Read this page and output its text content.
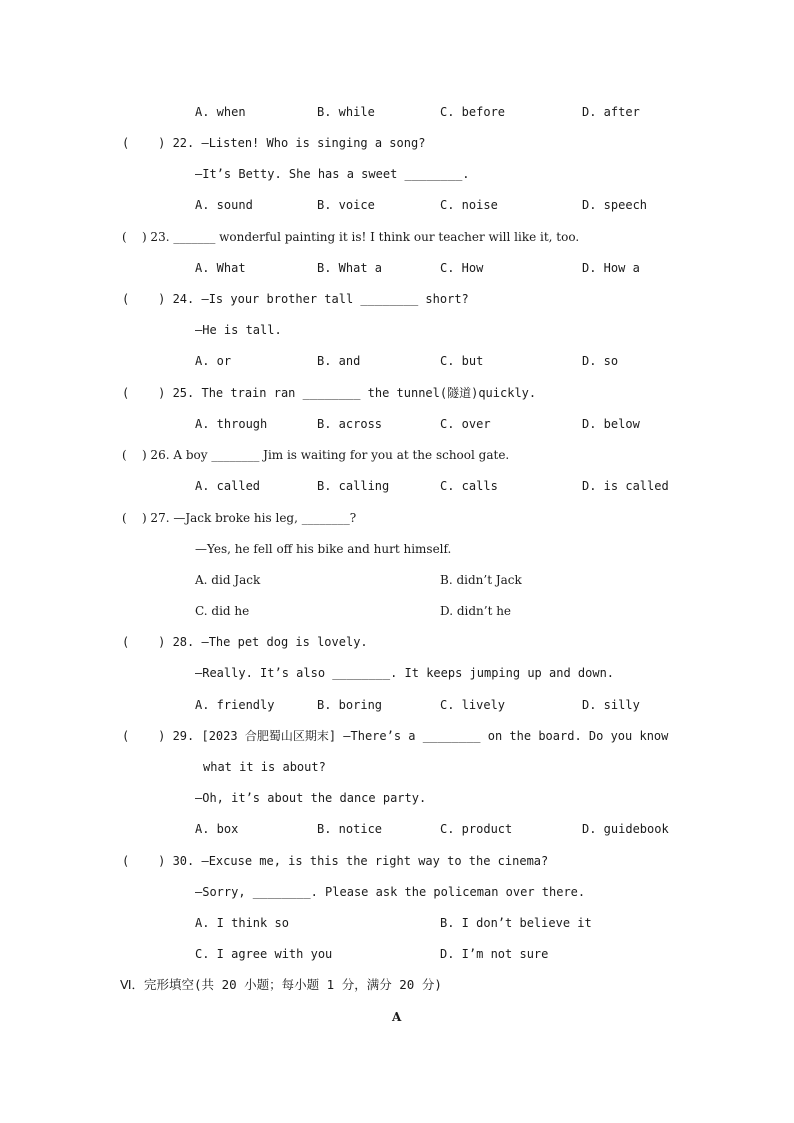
A. when	B. while	C. before	D. after
(    ) 22. —Listen! Who is singing a song?
—It’s Betty. She has a sweet ________.
A. sound	B. voice	C. noise	D. speech
(    ) 23. _______ wonderful painting it is! I think our teacher will like it, too.
A. What	B. What a	C. How	D. How a
(    ) 24. —Is your brother tall ________ short?
—He is tall.
A. or	B. and	C. but	D. so
(    ) 25. The train ran ________ the tunnel(隧道)quickly.
A. through	B. across	C. over	D. below
(    ) 26. A boy ________ Jim is waiting for you at the school gate.
A. called	B. calling	C. calls	D. is called
(    ) 27. —Jack broke his leg, ________?
—Yes, he fell off his bike and hurt himself.
A. did Jack	B. didn’t Jack
C. did he	D. didn’t he
(    ) 28. —The pet dog is lovely.
—Really. It’s also ________. It keeps jumping up and down.
A. friendly	B. boring	C. lively	D. silly
(    ) 29. [2023 合肥蜀山区期末] —There’s a ________ on the board. Do you know
what it is about?
—Oh, it’s about the dance party.
A. box	B. notice	C. product	D. guidebook
(    ) 30. —Excuse me, is this the right way to the cinema?
—Sorry, ________. Please ask the policeman over there.
A. I think so	B. I don’t believe it
C. I agree with you	D. I’m not sure
Ⅵ．完形填空(共 20 小题；每小题 1 分，满分 20 分)
A
